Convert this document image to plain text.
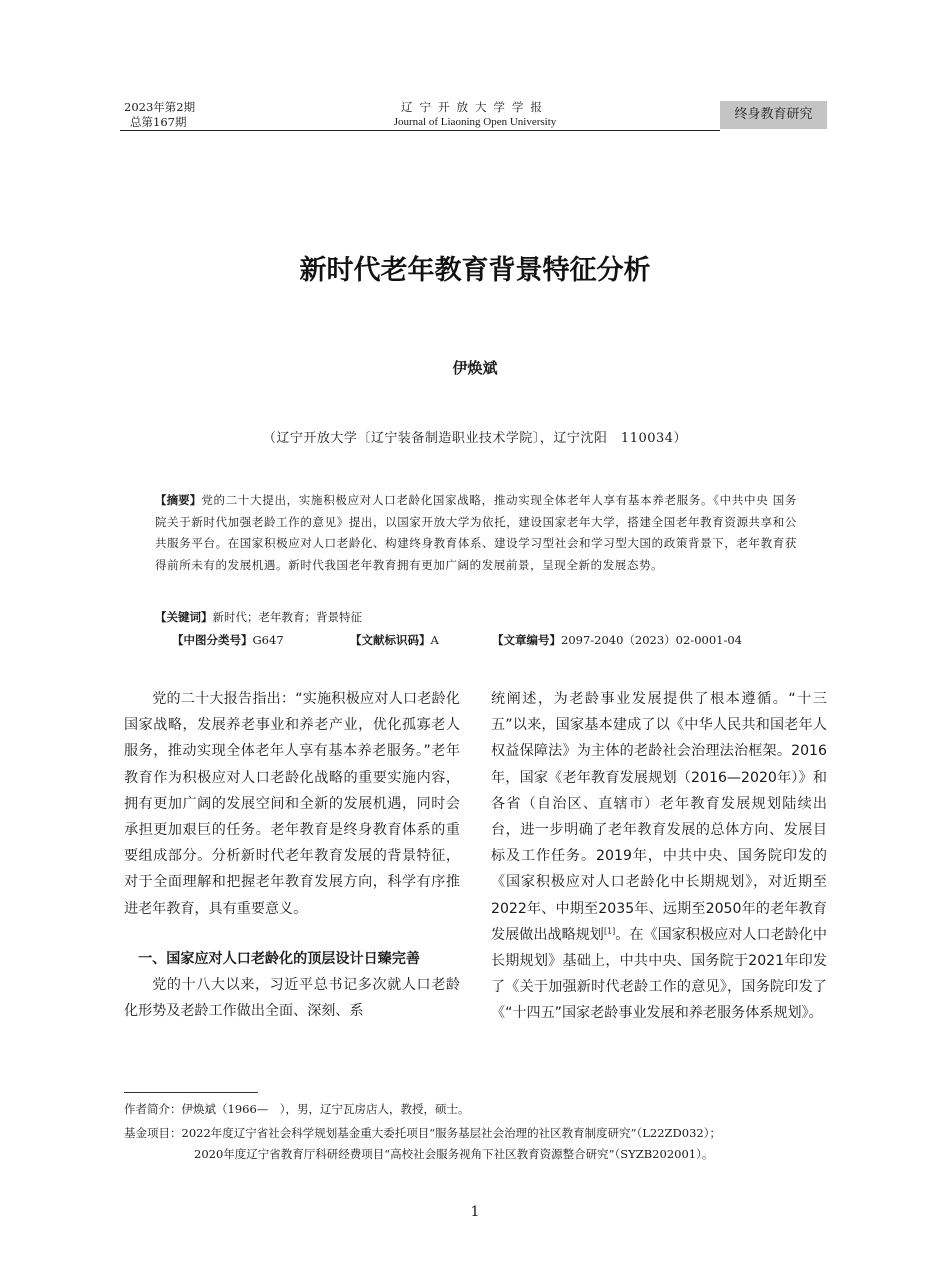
2023年第2期
总第167期
辽宁开放大学学报
Journal of Liaoning Open University	终身教育研究
新时代老年教育背景特征分析
伊焕斌
（辽宁开放大学〔辽宁装备制造职业技术学院〕，辽宁沈阳　110034）
【摘要】党的二十大提出，实施积极应对人口老龄化国家战略，推动实现全体老年人享有基本养老服务。《中共中央 国务院关于新时代加强老龄工作的意见》提出，以国家开放大学为依托，建设国家老年大学，搭建全国老年教育资源共享和公共服务平台。在国家积极应对人口老龄化、构建终身教育体系、建设学习型社会和学习型大国的政策背景下，老年教育获得前所未有的发展机遇。新时代我国老年教育拥有更加广阔的发展前景，呈现全新的发展态势。
【关键词】新时代；老年教育；背景特征
【中图分类号】G647	【文献标识码】A	【文章编号】2097-2040（2023）02-0001-04

党的二十大报告指出：“实施积极应对人口老龄化国家战略，发展养老事业和养老产业，优化孤寡老人服务，推动实现全体老年人享有基本养老服务。”老年教育作为积极应对人口老龄化战略的重要实施内容，拥有更加广阔的发展空间和全新的发展机遇，同时会承担更加艰巨的任务。老年教育是终身教育体系的重要组成部分。分析新时代老年教育发展的背景特征，对于全面理解和把握老年教育发展方向，科学有序推进老年教育，具有重要意义。

一、国家应对人口老龄化的顶层设计日臻完善

党的十八大以来，习近平总书记多次就人口老龄化形势及老龄工作做出全面、深刻、系

统阐述，为老龄事业发展提供了根本遵循。“十三五”以来，国家基本建成了以《中华人民共和国老年人权益保障法》为主体的老龄社会治理法治框架。2016年，国家《老年教育发展规划（2016—2020年）》和各省（自治区、直辖市）老年教育发展规划陆续出台，进一步明确了老年教育发展的总体方向、发展目标及工作任务。2019年，中共中央、国务院印发的《国家积极应对人口老龄化中长期规划》，对近期至2022年、中期至2035年、远期至2050年的老年教育发展做出战略规划[1]。在《国家积极应对人口老龄化中长期规划》基础上，中共中央、国务院于2021年印发了《关于加强新时代老龄工作的意见》，国务院印发了《“十四五”国家老龄事业发展和养老服务体系规划》。

作者简介：伊焕斌（1966—　），男，辽宁瓦房店人，教授，硕士。
基金项目：2022年度辽宁省社会科学规划基金重大委托项目“服务基层社会治理的社区教育制度研究”（L22ZD032）；
2020年度辽宁省教育厅科研经费项目“高校社会服务视角下社区教育资源整合研究”（SYZB202001）。
1
